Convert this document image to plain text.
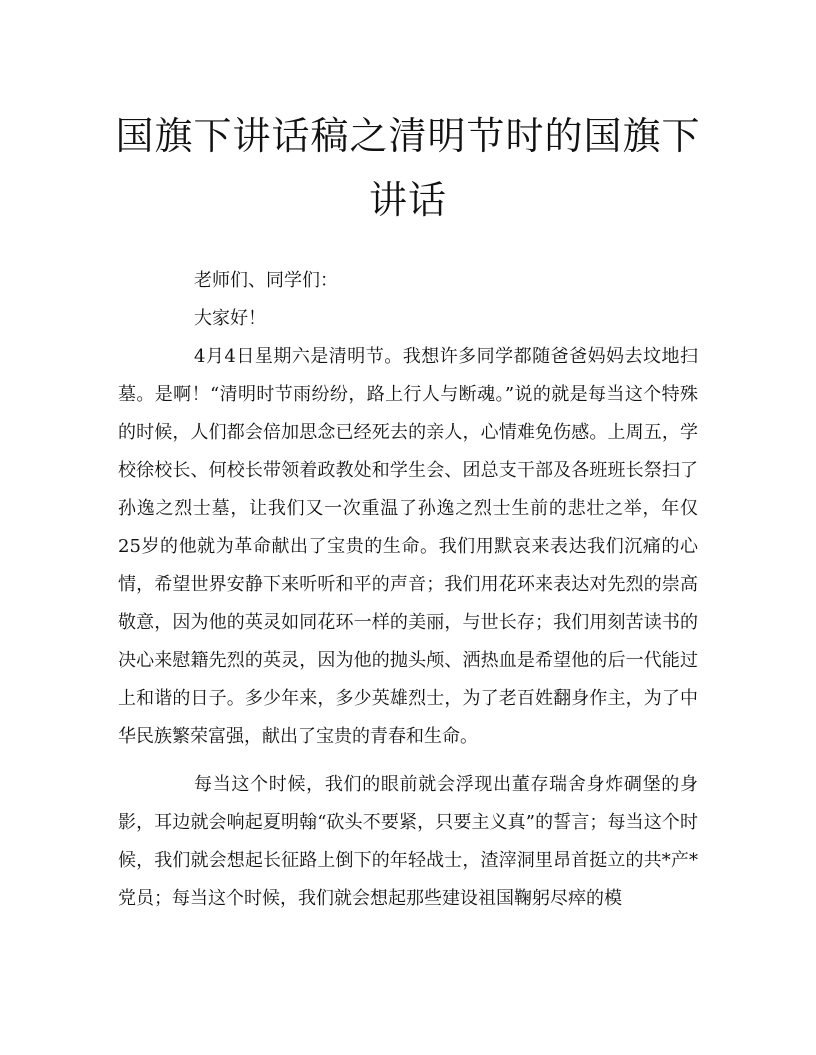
国旗下讲话稿之清明节时的国旗下讲话

老师们、同学们：

大家好！

4月4日星期六是清明节。我想许多同学都随爸爸妈妈去坟地扫墓。是啊！“清明时节雨纷纷，路上行人与断魂。”说的就是每当这个特殊的时候，人们都会倍加思念已经死去的亲人，心情难免伤感。上周五，学校徐校长、何校长带领着政教处和学生会、团总支干部及各班班长祭扫了孙逸之烈士墓，让我们又一次重温了孙逸之烈士生前的悲壮之举，年仅25岁的他就为革命献出了宝贵的生命。我们用默哀来表达我们沉痛的心情，希望世界安静下来听听和平的声音；我们用花环来表达对先烈的崇高敬意，因为他的英灵如同花环一样的美丽，与世长存；我们用刻苦读书的决心来慰籍先烈的英灵，因为他的抛头颅、洒热血是希望他的后一代能过上和谐的日子。多少年来，多少英雄烈士，为了老百姓翻身作主，为了中华民族繁荣富强，献出了宝贵的青春和生命。

每当这个时候，我们的眼前就会浮现出董存瑞舍身炸碉堡的身影，耳边就会响起夏明翰“砍头不要紧，只要主义真”的誓言；每当这个时候，我们就会想起长征路上倒下的年轻战士，渣滓洞里昂首挺立的共*产*党员；每当这个时候，我们就会想起那些建设祖国鞠躬尽瘁的模
